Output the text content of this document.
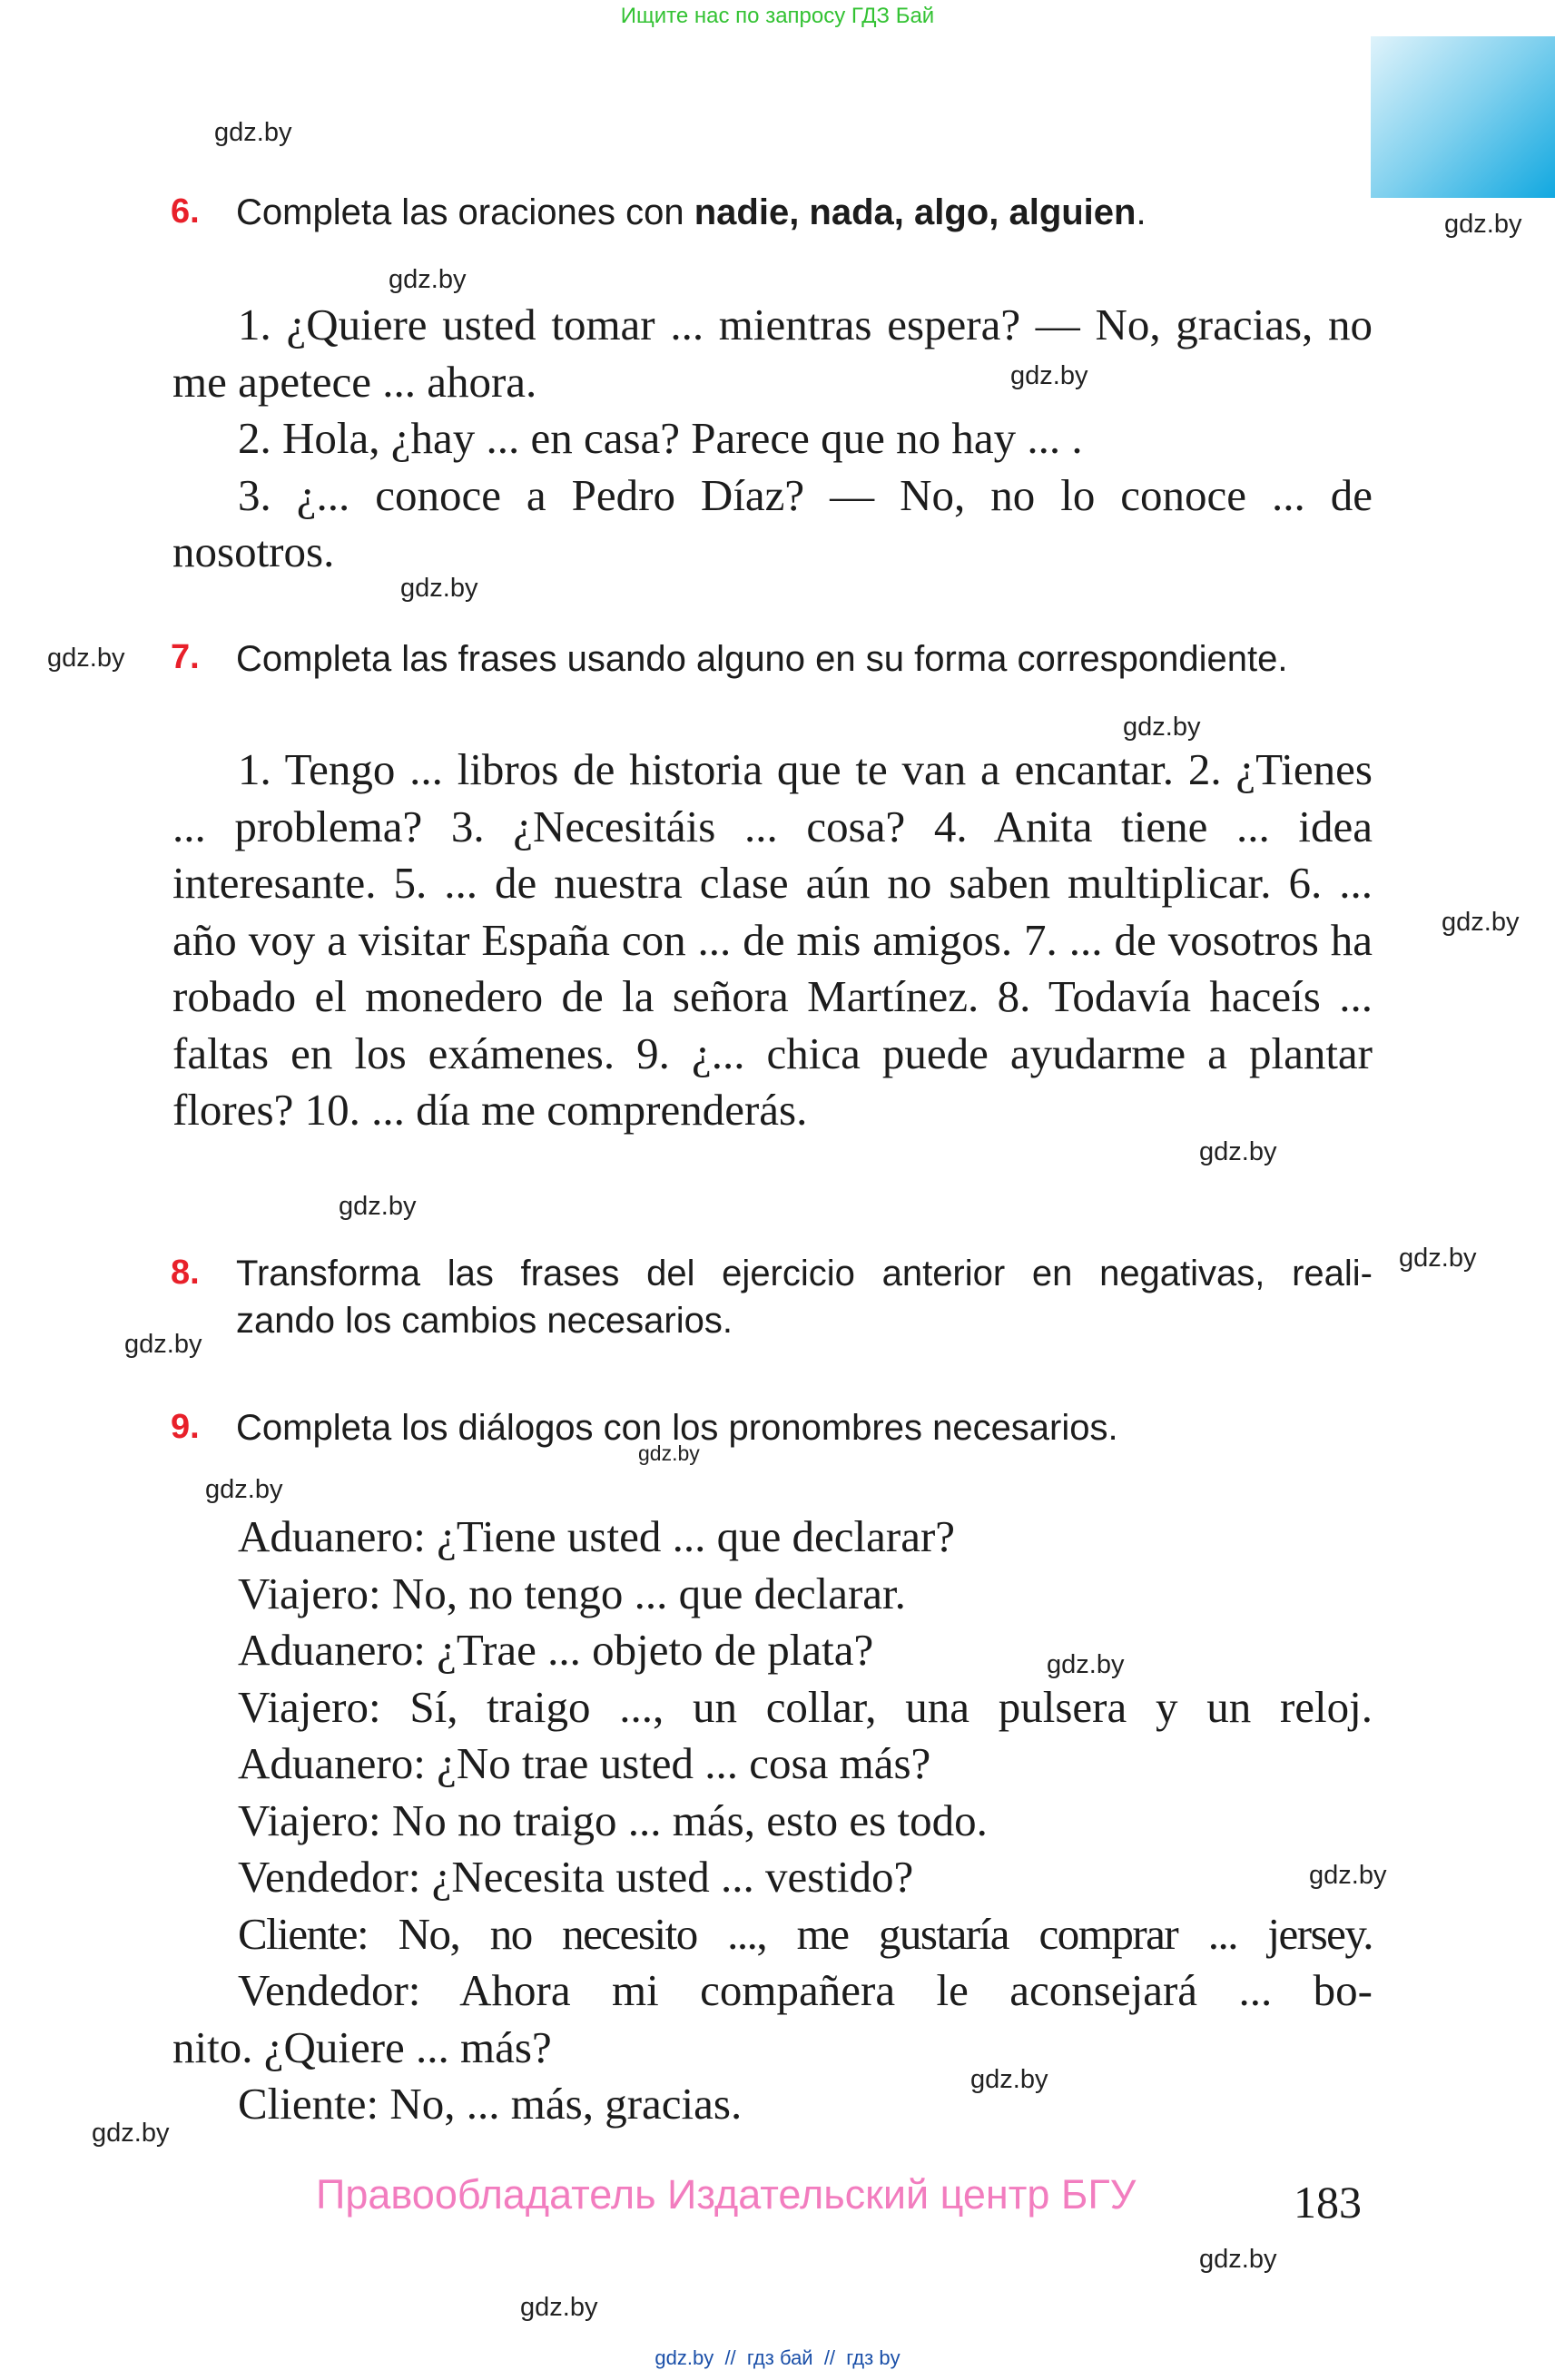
Ищите нас по запросу ГДЗ Бай
gdz.by
gdz.by
gdz.by
gdz.by
gdz.by
gdz.by
gdz.by
gdz.by
gdz.by
gdz.by
gdz.by
gdz.by
gdz.by
gdz.by
gdz.by
gdz.by
gdz.by
gdz.by
gdz.by
gdz.by
6. Completa las oraciones con nadie, nada, algo, alguien.

1. ¿Quiere usted tomar ... mientras espera? — No, gracias, no me apetece ... ahora.

2. Hola, ¿hay ... en casa? Parece que no hay ... .

3. ¿... conoce a Pedro Díaz? — No, no lo conoce ... de nosotros.

7. Completa las frases usando alguno en su forma correspondiente.

1. Tengo ... libros de historia que te van a encantar. 2. ¿Tienes ... problema? 3. ¿Necesitáis ... cosa? 4. Anita tiene ... idea interesante. 5. ... de nuestra clase aún no saben multiplicar. 6. ... año voy a visitar España con ... de mis amigos. 7. ... de vosotros ha robado el monedero de la señora Martínez. 8. Todavía haceís ... faltas en los exámenes. 9. ¿... chica puede ayudarme a plantar flores? 10. ... día me comprenderás.

8. Transforma las frases del ejercicio anterior en negativas, reali-
zando los cambios necesarios.
9. Completa los diálogos con los pronombres necesarios.

Aduanero: ¿Tiene usted ... que declarar?

Viajero: No, no tengo ... que declarar.

Aduanero: ¿Trae ... objeto de plata?

Viajero: Sí, traigo ..., un collar, una pulsera y un reloj.

Aduanero: ¿No trae usted ... cosa más?

Viajero: No no traigo ... más, esto es todo.

Vendedor: ¿Necesita usted ... vestido?

Cliente: No, no necesito ..., me gustaría comprar ... jersey.

Vendedor: Ahora mi compañera le aconsejará ... bo-

nito. ¿Quiere ... más?

Cliente: No, ... más, gracias.

Правообладатель Издательский центр БГУ	183
gdz.by  //  гдз бай  //  гдз by
